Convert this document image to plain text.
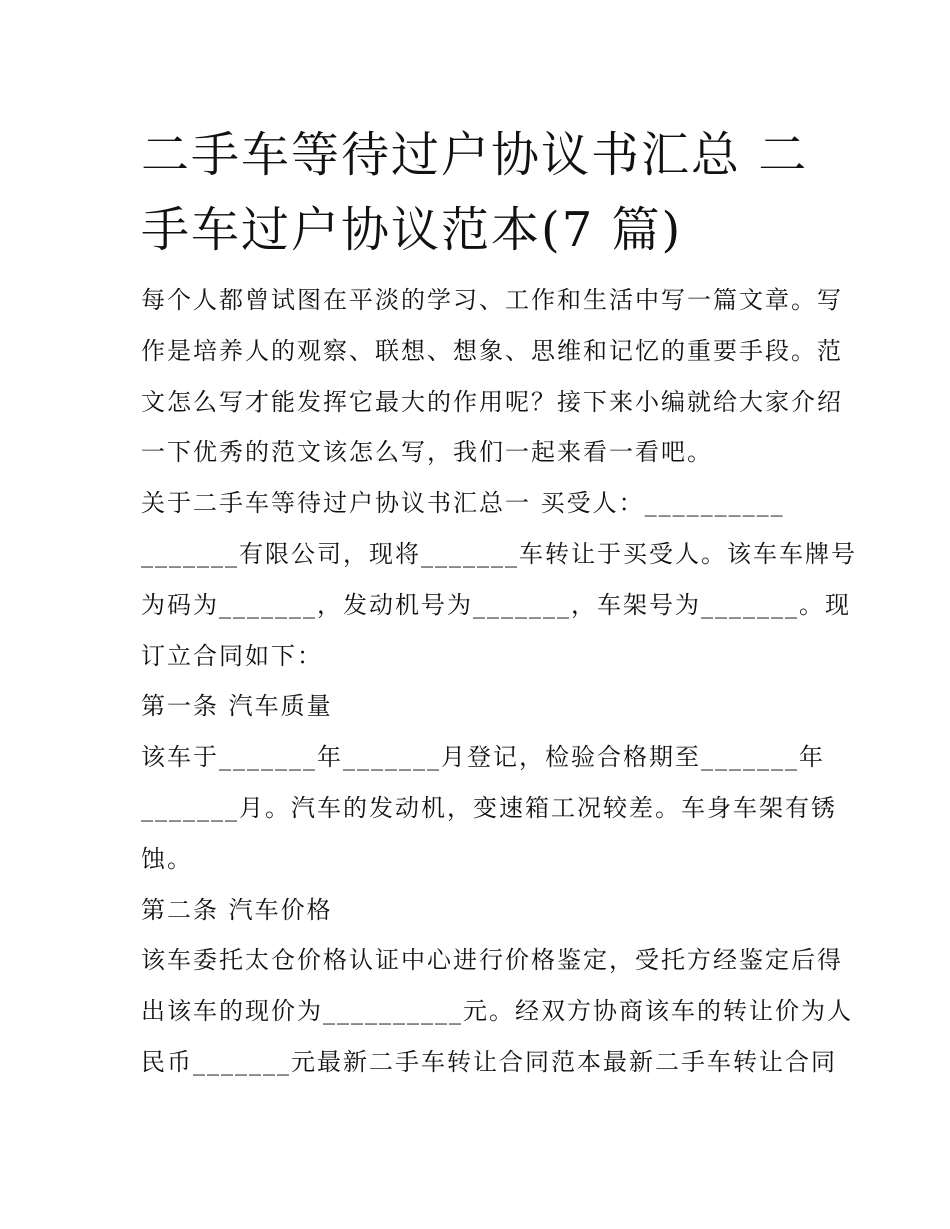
二手车等待过户协议书汇总 二
手车过户协议范本(7 篇)
每个人都曾试图在平淡的学习、工作和生活中写一篇文章。写
作是培养人的观察、联想、想象、思维和记忆的重要手段。范
文怎么写才能发挥它最大的作用呢？接下来小编就给大家介绍
一下优秀的范文该怎么写，我们一起来看一看吧。
关于二手车等待过户协议书汇总一 买受人：__________
_______有限公司，现将_______车转让于买受人。该车车牌号
为码为_______，发动机号为_______，车架号为_______。现
订立合同如下：
第一条 汽车质量
该车于_______年_______月登记，检验合格期至_______年
_______月。汽车的发动机，变速箱工况较差。车身车架有锈
蚀。
第二条 汽车价格
该车委托太仓价格认证中心进行价格鉴定，受托方经鉴定后得
出该车的现价为__________元。经双方协商该车的转让价为人
民币_______元最新二手车转让合同范本最新二手车转让合同
